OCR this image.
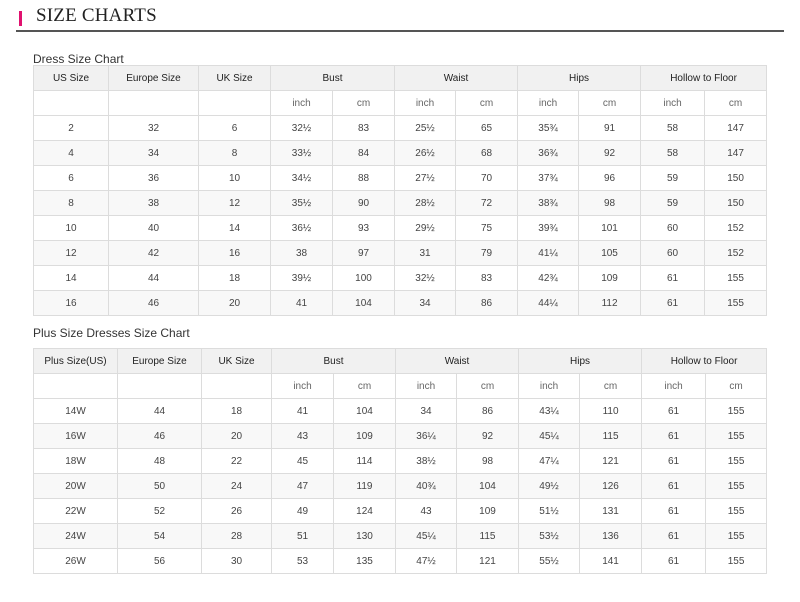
SIZE CHARTS
Dress Size Chart
US Size	Europe Size	UK Size	Bust		Waist		Hips		Hollow to Floor	
			inch	cm	inch	cm	inch	cm	inch	cm
2	32	6	32½	83	25½	65	35¾	91	58	147
4	34	8	33½	84	26½	68	36¾	92	58	147
6	36	10	34½	88	27½	70	37¾	96	59	150
8	38	12	35½	90	28½	72	38¾	98	59	150
10	40	14	36½	93	29½	75	39¾	101	60	152
12	42	16	38	97	31	79	41¼	105	60	152
14	44	18	39½	100	32½	83	42¾	109	61	155
16	46	20	41	104	34	86	44¼	112	61	155
Plus Size Dresses Size Chart
Plus Size(US)	Europe Size	UK Size	Bust		Waist		Hips		Hollow to Floor	
			inch	cm	inch	cm	inch	cm	inch	cm
14W	44	18	41	104	34	86	43¼	110	61	155
16W	46	20	43	109	36¼	92	45¼	115	61	155
18W	48	22	45	114	38½	98	47¼	121	61	155
20W	50	24	47	119	40¾	104	49½	126	61	155
22W	52	26	49	124	43	109	51½	131	61	155
24W	54	28	51	130	45¼	115	53½	136	61	155
26W	56	30	53	135	47½	121	55½	141	61	155
